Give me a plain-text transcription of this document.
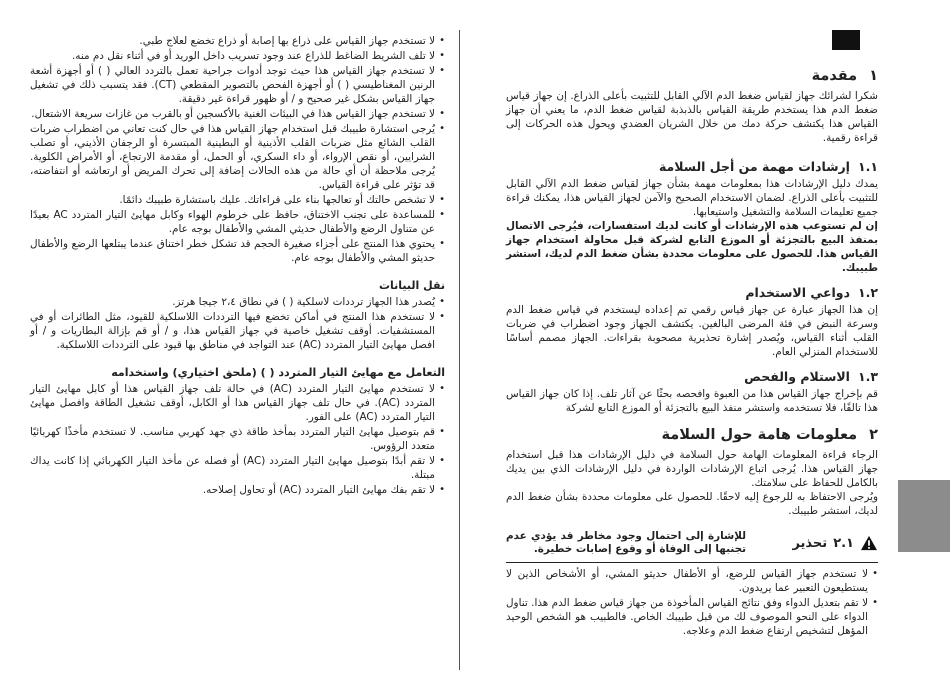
١
مقدمة

شكرا لشرائك جهاز لقياس ضغط الدم الآلي القابل للتثبيت بأعلى الذراع. إن جهاز قياس ضغط الدم هذا يستخدم طريقة القياس بالذبذبة لقياس ضغط الدم، ما يعني أن جهاز القياس هذا يكتشف حركة دمك من خلال الشريان العضدي ويحول هذه الحركات إلى قراءة رقمية.

١.١
إرشادات مهمة من أجل السلامة

يمدك دليل الإرشادات هذا بمعلومات مهمة بشأن جهاز لقياس ضغط الدم الآلي القابل للتثبيت بأعلى الذراع. لضمان الاستخدام الصحيح والآمن لجهاز القياس هذا، يمكنك قراءة جميع تعليمات السلامة والتشغيل واستيعابها.

إن لم تستوعب هذه الإرشادات أو كانت لديك استفسارات، فيُرجى الاتصال بمنفذ البيع بالتجزئة أو الموزع التابع لشركة قبل محاولة استخدام جهاز القياس هذا. للحصول على معلومات محددة بشأن ضغط الدم لديك، استشر طبيبك.

١.٢
دواعي الاستخدام

إن هذا الجهاز عبارة عن جهاز قياس رقمي تم إعداده ليستخدم في قياس ضغط الدم وسرعة النبض في فئة المرضى البالغين. يكتشف الجهاز وجود اضطراب في ضربات القلب أثناء القياس، ويُصدر إشارة تحذيرية مصحوبة بقراءات. الجهاز مصمم أساسًا للاستخدام المنزلي العام.

١.٣
الاستلام والفحص

قم بإخراج جهاز القياس هذا من العبوة وافحصه بحثًا عن آثار تلف. إذا كان جهاز القياس هذا تالفًا، فلا تستخدمه واستشر منفذ البيع بالتجزئة أو الموزع التابع لشركة

٢
معلومات هامة حول السلامة

الرجاء قراءة المعلومات الهامة حول السلامة في دليل الإرشادات هذا قبل استخدام جهاز القياس هذا. يُرجى اتباع الإرشادات الواردة في دليل الإرشادات الذي بين يديك بالكامل للحفاظ على سلامتك.

ويُرجى الاحتفاظ به للرجوع إليه لاحقًا. للحصول على معلومات محددة بشأن ضغط الدم لديك، استشر طبيبك.

٢.١
تحذير
للإشارة إلى احتمال وجود مخاطر قد يؤدي عدم تجنبها إلى الوفاة أو وقوع إصابات خطيرة.
• لا تستخدم جهاز القياس للرضع، أو الأطفال حديثو المشي، أو الأشخاص الذين لا يستطيعون التعبير عما يريدون.
• لا تقم بتعديل الدواء وفق نتائج القياس المأخوذة من جهاز قياس ضغط الدم هذا. تناول الدواء على النحو الموصوف لك من قبل طبيبك الخاص. فالطبيب هو الشخص الوحيد المؤهل لتشخيص ارتفاع ضغط الدم وعلاجه.
• لا تستخدم جهاز القياس على ذراع بها إصابة أو ذراع تخضع لعلاج طبي.
• لا تلف الشريط الضاغط للذراع عند وجود تسريب داخل الوريد أو في أثناء نقل دم منه.
• لا تستخدم جهاز القياس هذا حيث توجد أدوات جراحية تعمل بالتردد العالي ( ) أو أجهزة أشعة الرنين المغناطيسي ( ) أو أجهزة الفحص بالتصوير المقطعي (CT). فقد يتسبب ذلك في تشغيل جهاز القياس بشكل غير صحيح و / أو ظهور قراءة غير دقيقة.
• لا تستخدم جهاز القياس هذا في البيئات الغنية بالأكسجين أو بالقرب من غازات سريعة الاشتعال.
• يُرجى استشارة طبيبك قبل استخدام جهاز القياس هذا في حال كنت تعاني من اضطراب ضربات القلب الشائع مثل ضربات القلب الأذينية أو البطينية المبتسرة أو الرجفان الأذيني، أو تصلب الشرايين، أو نقص الإرواء، أو داء السكري، أو الحمل، أو مقدمة الارتجاع، أو الأمراض الكلوية. يُرجى ملاحظة أن أي حالة من هذه الحالات إضافة إلى تحرك المريض أو ارتعاشه أو انتفاضته، قد تؤثر على قراءة القياس.
• لا تشخص حالتك أو تعالجها بناء على قراءاتك. عليك باستشارة طبيبك دائمًا.
• للمساعدة على تجنب الاختناق، حافظ على خرطوم الهواء وكابل مهايئ التيار المتردد AC بعيدًا عن متناول الرضع والأطفال حديثي المشي والأطفال بوجه عام.
• يحتوي هذا المنتج على أجزاء صغيرة الحجم قد تشكل خطر اختناق عندما يبتلعها الرضع والأطفال حديثو المشي والأطفال بوجه عام.
نقل البيانات
• يُصدر هذا الجهاز ترددات لاسلكية ( ) في نطاق ٢،٤ جيجا هرتز.
• لا تستخدم هذا المنتج في أماكن تخضع فيها الترددات اللاسلكية للقيود، مثل الطائرات أو في المستشفيات. أوقف تشغيل خاصية في جهاز القياس هذا، و / أو قم بإزالة البطاريات و / أو افصل مهايئ التيار المتردد (AC) عند التواجد في مناطق بها قيود على الترددات اللاسلكية.
التعامل مع مهايئ التيار المتردد ( ) (ملحق اختياري) واستخدامه
• لا تستخدم مهايئ التيار المتردد (AC) في حالة تلف جهاز القياس هذا أو كابل مهايئ التيار المتردد (AC). في حال تلف جهاز القياس هذا أو الكابل، أوقف تشغيل الطاقة وافصل مهايئ التيار المتردد (AC) على الفور.
• قم بتوصيل مهايئ التيار المتردد بمأخذ طاقة ذي جهد كهربي مناسب. لا تستخدم مأخذًا كهربائيًا متعدد الرؤوس.
• لا تقم أبدًا بتوصيل مهايئ التيار المتردد (AC) أو فصله عن مأخذ التيار الكهربائي إذا كانت يداك مبتلة.
• لا تقم بفك مهايئ التيار المتردد (AC) أو تحاول إصلاحه.
